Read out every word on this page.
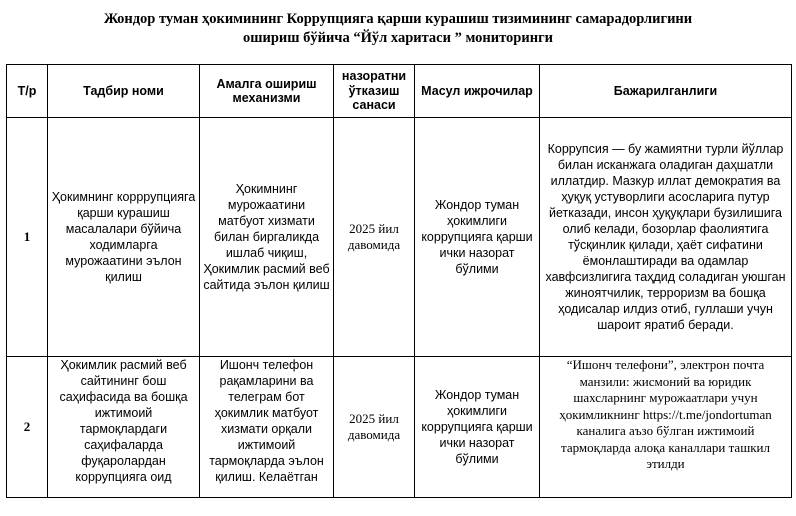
Жондор туман ҳокимининг Коррупцияга қарши курашиш тизимининг самарадорлигини
ошириш бўйича “Йўл харитаси ” мониторинги
Т/р	Тадбир номи	Амалга ошириш механизми	назоратни ўтказиш санаси	Масул ижрочилар	Бажарилганлиги
1	Ҳокимнинг корррупцияга қарши курашиш масалалари бўйича ходимларга мурожаатини эълон қилиш	Ҳокимнинг мурожаатини матбуот хизмати билан биргаликда ишлаб чиқиш, Ҳокимлик расмий веб сайтида эълон қилиш	2025 йил давомида	Жондор туман ҳокимлиги коррупцияга қарши ички назорат бўлими	Коррупсия — бу жамиятни турли йўллар билан исканжага оладиган даҳшатли иллатдир. Мазкур иллат демократия ва ҳуқуқ устуворлиги асосларига путур йетказади, инсон ҳуқуқлари бузилишига олиб келади, бозорлар фаолиятига тўсқинлик қилади, ҳаёт сифатини ёмонлаштиради ва одамлар хавфсизлигига таҳдид соладиган уюшган жиноятчилик, терроризм ва бошқа ҳодисалар илдиз отиб, гуллаши учун шароит яратиб беради.
2	Ҳокимлик расмий веб сайтининг бош саҳифасида ва бошқа ижтимоий тармоқлардаги саҳифаларда фуқаролардан коррупцияга оид	Ишонч телефон рақамларини ва телеграм бот ҳокимлик матбуот хизмати орқали ижтимоий тармоқларда эълон қилиш. Келаётган	2025 йил давомида	Жондор туман ҳокимлиги коррупцияга қарши ички назорат бўлими	“Ишонч телефони”, электрон почта манзили: жисмоний ва юридик шахсларнинг мурожаатлари учун ҳокимликнинг https://t.me/jondortuman каналига аъзо бўлган ижтимоий тармоқларда алоқа каналлари ташкил этилди
